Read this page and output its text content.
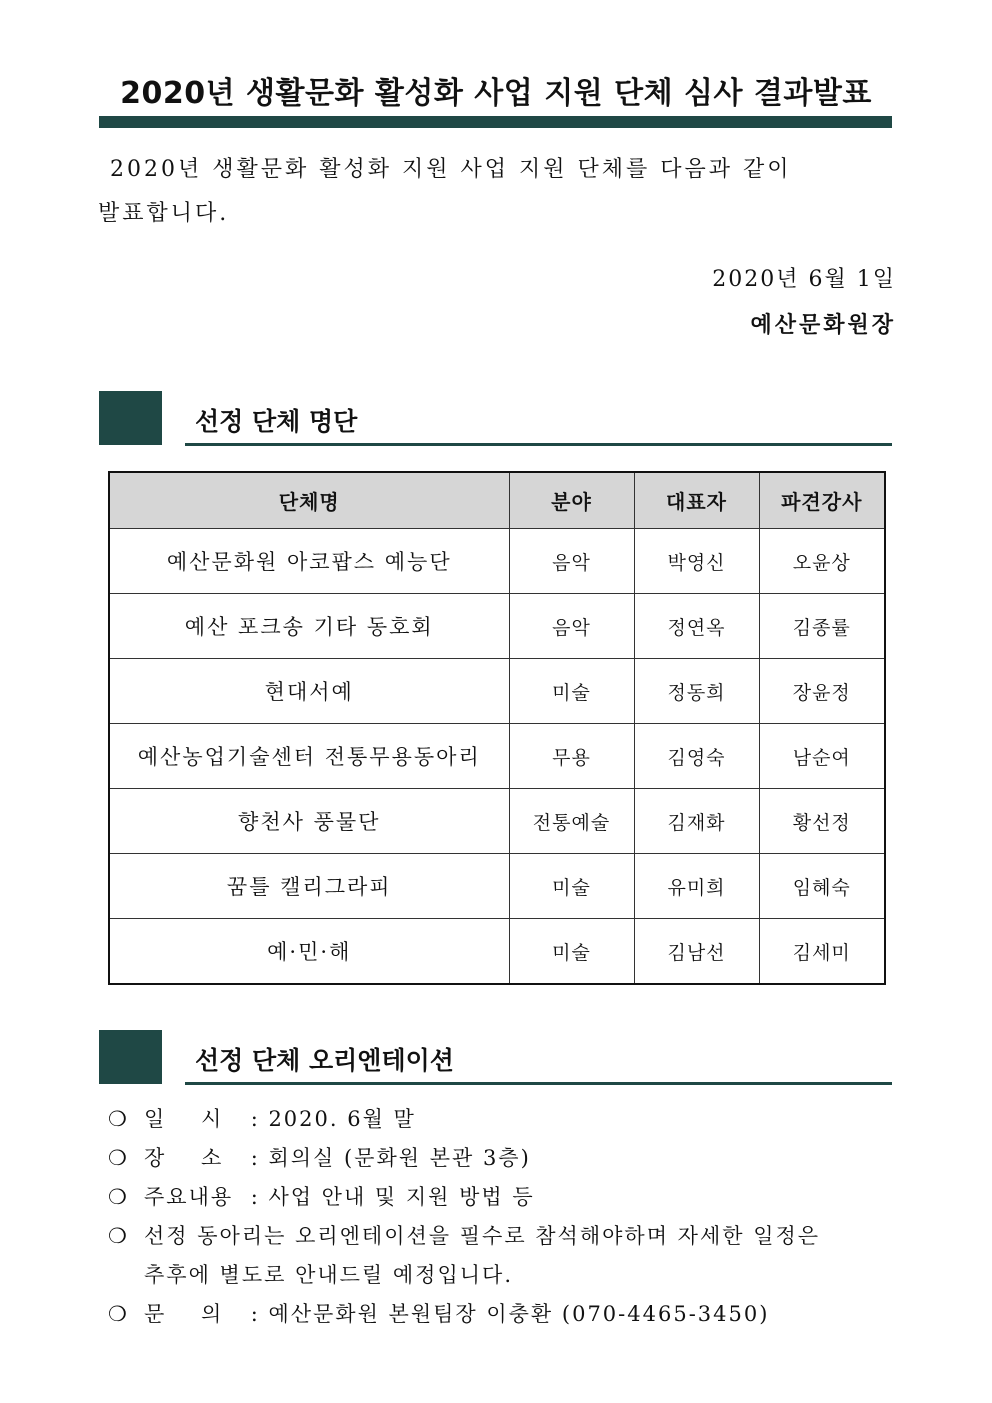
2020년 생활문화 활성화 사업 지원 단체 심사 결과발표
2020년 생활문화 활성화 지원 사업 지원 단체를 다음과 같이
발표합니다.
2020년 6월 1일
예산문화원장
선정 단체 명단
단체명	분야	대표자	파견강사
예산문화원 아코팝스 예능단	음악	박영신	오윤상
예산 포크송 기타 동호회	음악	정연옥	김종률
현대서예	미술	정동희	장윤정
예산농업기술센터 전통무용동아리	무용	김영숙	남순여
향천사 풍물단	전통예술	김재화	황선정
꿈틀 캘리그라피	미술	유미희	임혜숙
예·민·해	미술	김남선	김세미
선정 단체 오리엔테이션
❍ 일    시 : 2020. 6월 말
❍ 장    소 : 회의실 (문화원 본관 3층)
❍ 주요내용 : 사업 안내 및 지원 방법 등
❍ 선정 동아리는 오리엔테이션을 필수로 참석해야하며 자세한 일정은
추후에 별도로 안내드릴 예정입니다.
❍ 문    의 : 예산문화원 본원팀장 이충환 (070-4465-3450)
